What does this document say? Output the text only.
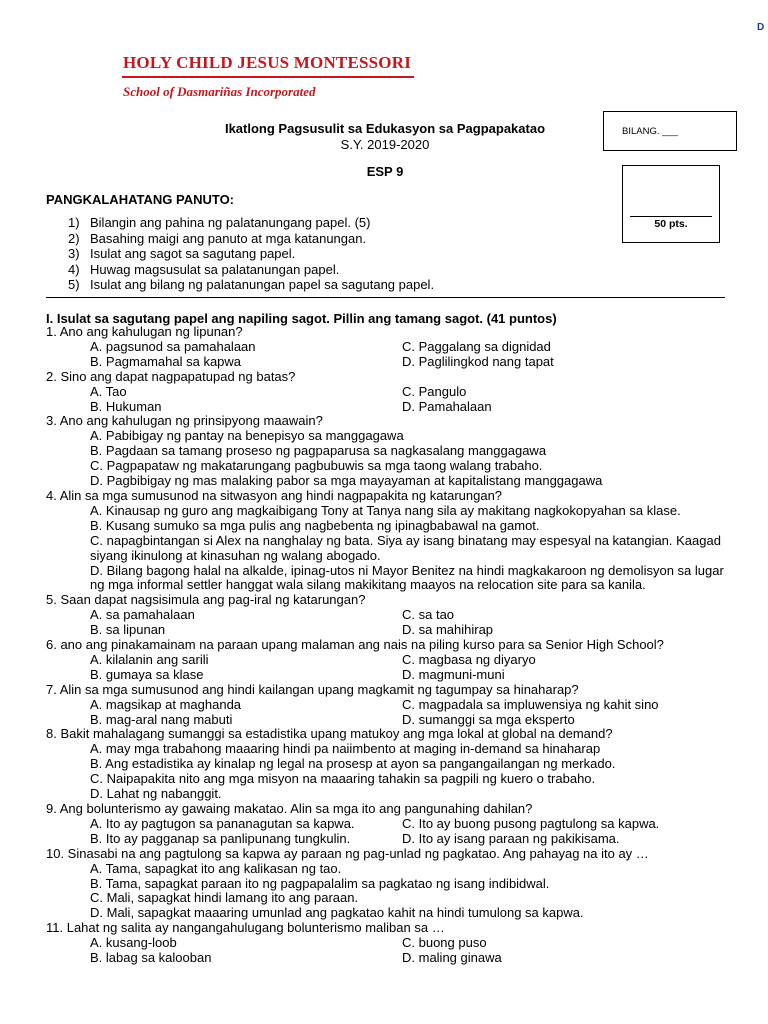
D
HOLY CHILD JESUS MONTESSORI
School of Dasmariñas Incorporated
Ikatlong Pagsusulit sa Edukasyon sa Pagpapakatao
S.Y. 2019-2020
ESP 9
BILANG. ___
50 pts.
PANGKALAHATANG PANUTO:
1) Bilangin ang pahina ng palatanungang papel. (5)
2) Basahing maigi ang panuto at mga katanungan.
3) Isulat ang sagot sa sagutang papel.
4) Huwag magsusulat sa palatanungan papel.
5) Isulat ang bilang ng palatanungan papel sa sagutang papel.
I. Isulat sa sagutang papel ang napiling sagot. Pillin ang tamang sagot. (41 puntos)
1. Ano ang kahulugan ng lipunan?
A. pagsunod sa pamahalaan	C. Paggalang sa dignidad
B. Pagmamahal sa kapwa	D. Paglilingkod nang tapat
2. Sino ang dapat nagpapatupad ng batas?
A. Tao	C. Pangulo
B. Hukuman	D. Pamahalaan
3. Ano ang kahulugan ng prinsipyong maawain?
A. Pabibigay ng pantay na benepisyo sa manggagawa
B. Pagdaan sa tamang proseso ng pagpaparusa sa nagkasalang manggagawa
C. Pagpapataw ng makatarungang pagbubuwis sa mga taong walang trabaho.
D. Pagbibigay ng mas malaking pabor sa mga mayayaman at kapitalistang manggagawa
4. Alin sa mga sumusunod na sitwasyon ang hindi nagpapakita ng katarungan?
A. Kinausap ng guro ang magkaibigang Tony at Tanya nang sila ay makitang nagkokopyahan sa klase.
B. Kusang sumuko sa mga pulis ang nagbebenta ng ipinagbabawal na gamot.
C. napagbintangan si Alex na nanghalay ng bata. Siya ay isang binatang may espesyal na katangian. Kaagad siyang ikinulong at kinasuhan ng walang abogado.
D. Bilang bagong halal na alkalde, ipinag-utos ni Mayor Benitez na hindi magkakaroon ng demolisyon sa lugar ng mga informal settler hanggat wala silang makikitang maayos na relocation site para sa kanila.
5. Saan dapat nagsisimula ang pag-iral ng katarungan?
A. sa pamahalaan	C. sa tao
B. sa lipunan	D. sa mahihirap
6. ano ang pinakamainam na paraan upang malaman ang nais na piling kurso para sa Senior High School?
A. kilalanin ang sarili	C. magbasa ng diyaryo
B. gumaya sa klase	D. magmuni-muni
7. Alin sa mga sumusunod ang hindi kailangan upang magkamit ng tagumpay sa hinaharap?
A. magsikap at maghanda	C. magpadala sa impluwensiya ng kahit sino
B. mag-aral nang mabuti	D. sumanggi sa mga eksperto
8. Bakit mahalagang sumanggi sa estadistika upang matukoy ang mga lokal at global na demand?
A. may mga trabahong maaaring hindi pa naiimbento at maging in-demand sa hinaharap
B. Ang estadistika ay kinalap ng legal na prosesp at ayon sa pangangailangan ng merkado.
C. Naipapakita nito ang mga misyon na maaaring tahakin sa pagpili ng kuero o trabaho.
D. Lahat ng nabanggit.
9. Ang bolunterismo ay gawaing makatao. Alin sa mga ito ang pangunahing dahilan?
A. Ito ay pagtugon sa pananagutan sa kapwa.	C. Ito ay buong pusong pagtulong sa kapwa.
B. Ito ay pagganap sa panlipunang tungkulin.	D. Ito ay isang paraan ng pakikisama.
10. Sinasabi na ang pagtulong sa kapwa ay paraan ng pag-unlad ng pagkatao. Ang pahayag na ito ay …
A. Tama, sapagkat ito ang kalikasan ng tao.
B. Tama, sapagkat paraan ito ng pagpapalalim sa pagkatao ng isang indibidwal.
C. Mali, sapagkat hindi lamang ito ang paraan.
D. Mali, sapagkat maaaring umunlad ang pagkatao kahit na hindi tumulong sa kapwa.
11. Lahat ng salita ay nangangahulugang bolunterismo maliban sa …
A. kusang-loob	C. buong puso
B. labag sa kalooban	D. maling ginawa
